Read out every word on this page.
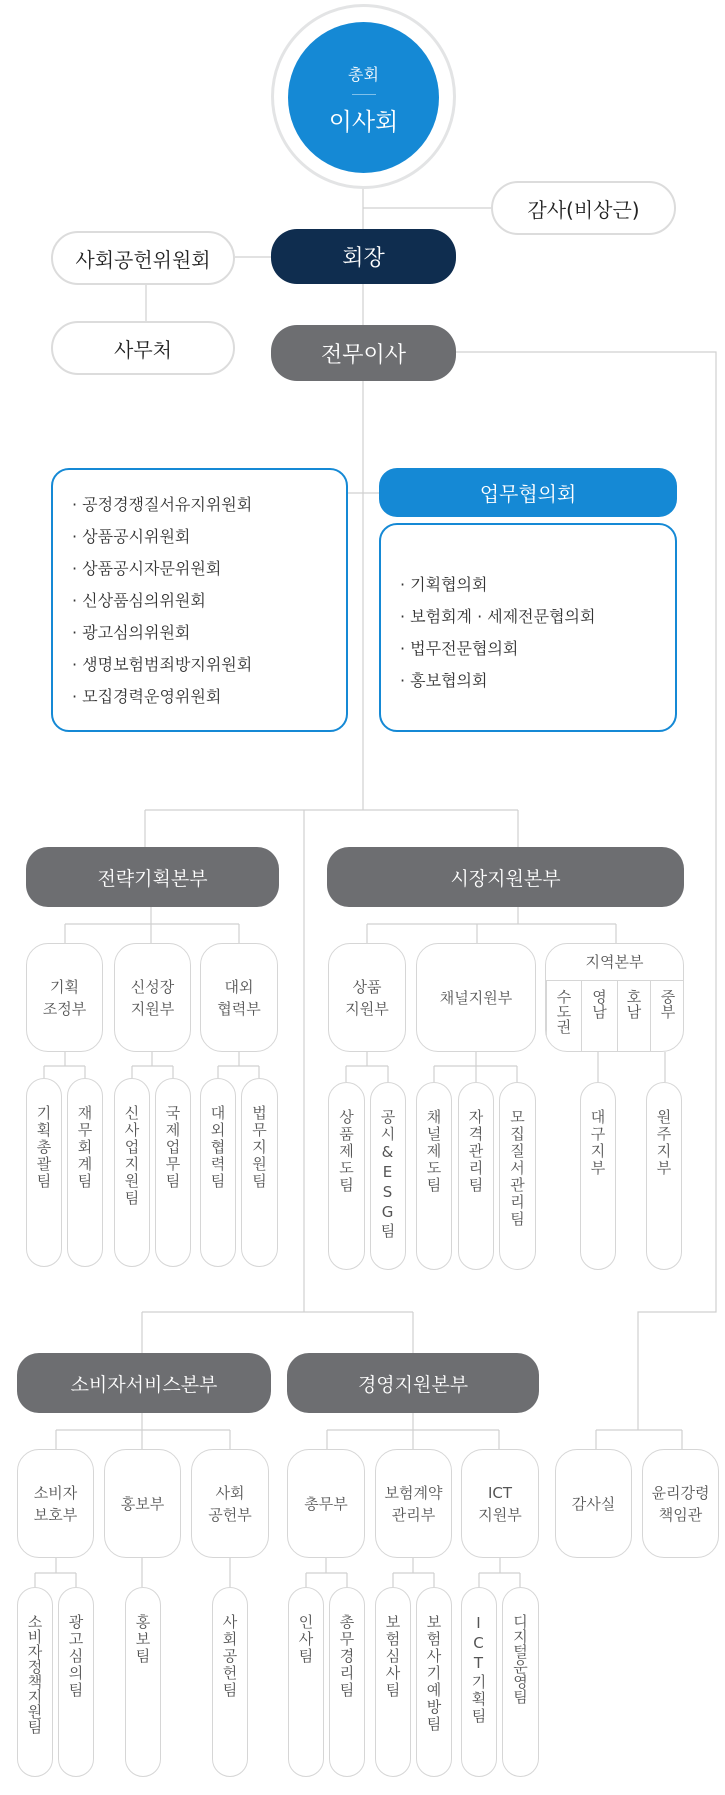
총회
이사회
감사(비상근)
회장
사회공헌위원회
사무처	전무이사
· 공정경쟁질서유지위원회
· 상품공시위원회
· 상품공시자문위원회
· 신상품심의위원회
· 광고심의위원회
· 생명보험범죄방지위원회
· 모집경력운영위원회
업무협의회
· 기획협의회
· 보험회계 · 세제전문협의회
· 법무전문협의회
· 홍보협의회
전략기획본부
기획
조정부
신성장
지원부
대외
협력부
기획총괄팀 재무회계팀 신사업지원팀 국제업무팀 대외협력팀 법무지원팀
시장지원본부
상품
지원부
채널지원부
지역본부
수도권 영남 호남 중부
상품제도팀 공시&ESG팀 채널제도팀 자격관리팀 모집질서관리팀	대구지부	원주지부
소비자서비스본부
소비자
보호부
홍보부
사회
공헌부
소비자정책지원팀 광고심의팀	홍보팀	사회공헌팀
경영지원본부
총무부
보험계약
관리부
ICT
지원부
인사팀 총무경리팀 보험심사팀 보험사기예방팀 ICT기획팀 디지털운영팀
감사실
윤리강령
책임관
